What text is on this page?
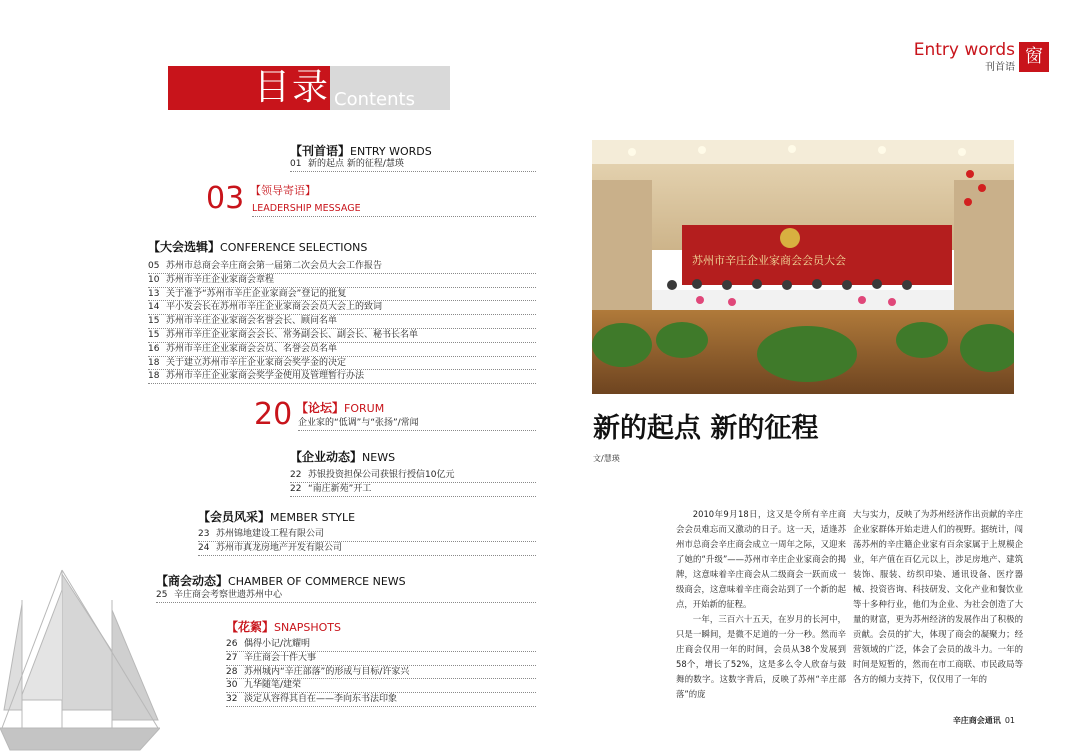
目录 Contents
【刊首语】ENTRY WORDS
01 新的起点 新的征程/慧瑛
03 【领导寄语】
LEADERSHIP MESSAGE
【大会选辑】CONFERENCE SELECTIONS
05 苏州市总商会辛庄商会第一届第二次会员大会工作报告
10 苏州市辛庄企业家商会章程
13 关于准予“苏州市辛庄企业家商会”登记的批复
14 平小发会长在苏州市辛庄企业家商会会员大会上的致词
15 苏州市辛庄企业家商会名誉会长、顾问名单
15 苏州市辛庄企业家商会会长、常务副会长、副会长、秘书长名单
16 苏州市辛庄企业家商会会员、名誉会员名单
18 关于建立苏州市辛庄企业家商会奖学金的决定
18 苏州市辛庄企业家商会奖学金使用及管理暂行办法
20 【论坛】FORUM
企业家的“低调”与“张扬”/常闻
【企业动态】NEWS
22 苏银投资担保公司获银行授信10亿元
22 “南庄新苑”开工
【会员风采】MEMBER STYLE
23 苏州锦地建设工程有限公司
24 苏州市真龙房地产开发有限公司
【商会动态】CHAMBER OF COMMERCE NEWS
25 辛庄商会考察世遗苏州中心
【花絮】SNAPSHOTS
26 偶得小记/沈耀明
27 辛庄商会十件大事
28 苏州城内“辛庄部落”的形成与目标/许家兴
30 九华随笔/建荣
32 淡定从容得其自在——李向东书法印象
Entry words
刊首语
窗
苏州市辛庄企业家商会会员大会
新的起点 新的征程
文/慧瑛

2010年9月18日，这又是令所有辛庄商会会员难忘而又激动的日子。这一天，适逢苏州市总商会辛庄商会成立一周年之际，又迎来了她的“升级”——苏州市辛庄企业家商会的揭牌，这意味着辛庄商会从二级商会一跃而成一级商会，这意味着辛庄商会站到了一个新的起点，开始新的征程。

一年，三百六十五天，在岁月的长河中，只是一瞬间，是微不足道的一分一秒。然而辛庄商会仅用一年的时间，会员从38个发展到58个，增长了52%，这是多么令人欣奋与鼓舞的数字。这数字背后，反映了苏州“辛庄部落”的庞

大与实力，反映了为苏州经济作出贡献的辛庄企业家群体开始走进人们的视野。据统计，闯荡苏州的辛庄籍企业家有百余家属于上规模企业，年产值在百亿元以上，涉足房地产、建筑装饰、服装、纺织印染、通讯设备、医疗器械、投资咨询、科技研发、文化产业和餐饮业等十多种行业，他们为企业、为社会创造了大量的财富，更为苏州经济的发展作出了积极的贡献。会员的扩大，体现了商会的凝聚力；经营领域的广泛，体会了会员的战斗力。一年的时间是短暂的，然而在市工商联、市民政局等各方的倾力支持下，仅仅用了一年的

辛庄商会通讯 01
